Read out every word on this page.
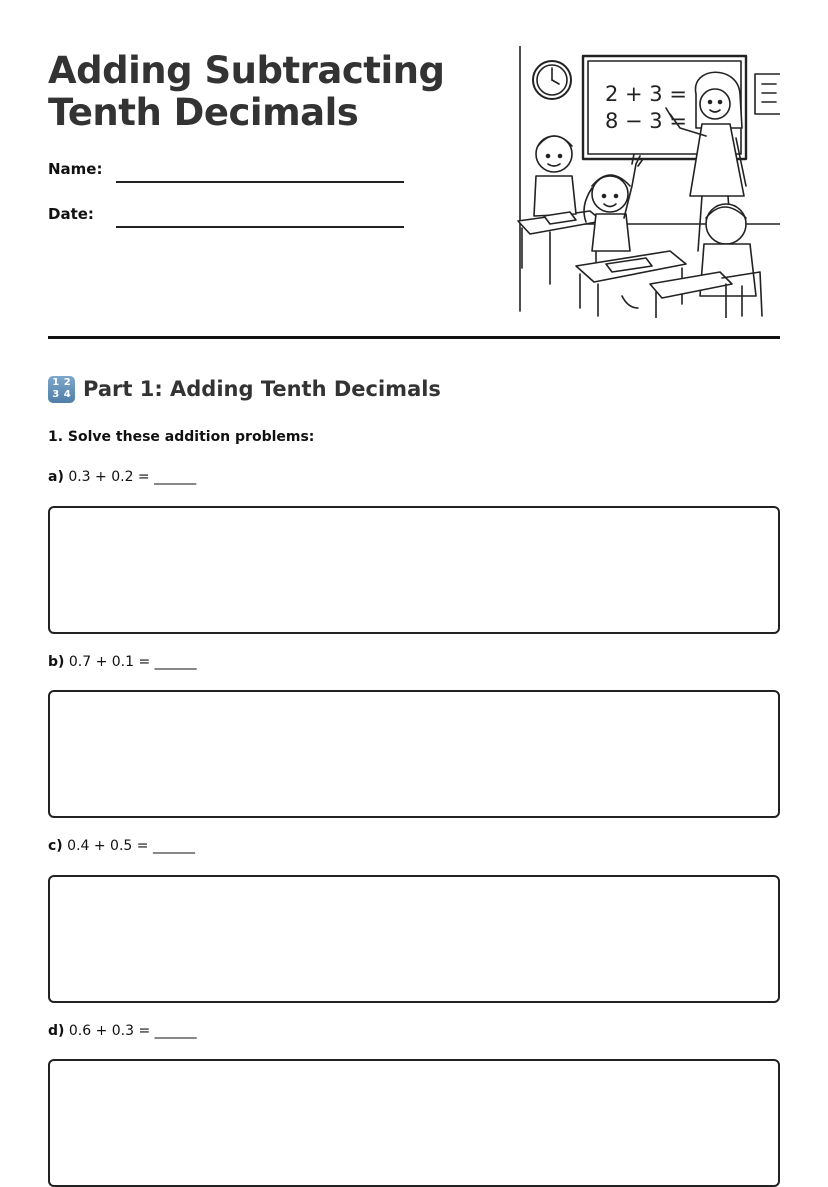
Adding Subtracting
Tenth Decimals
Name:
Date:
2 + 3 =
8 − 3 =
1 2
3 4 Part 1: Adding Tenth Decimals
1. Solve these addition problems:
a) 0.3 + 0.2 = ______
b) 0.7 + 0.1 = ______
c) 0.4 + 0.5 = ______
d) 0.6 + 0.3 = ______
